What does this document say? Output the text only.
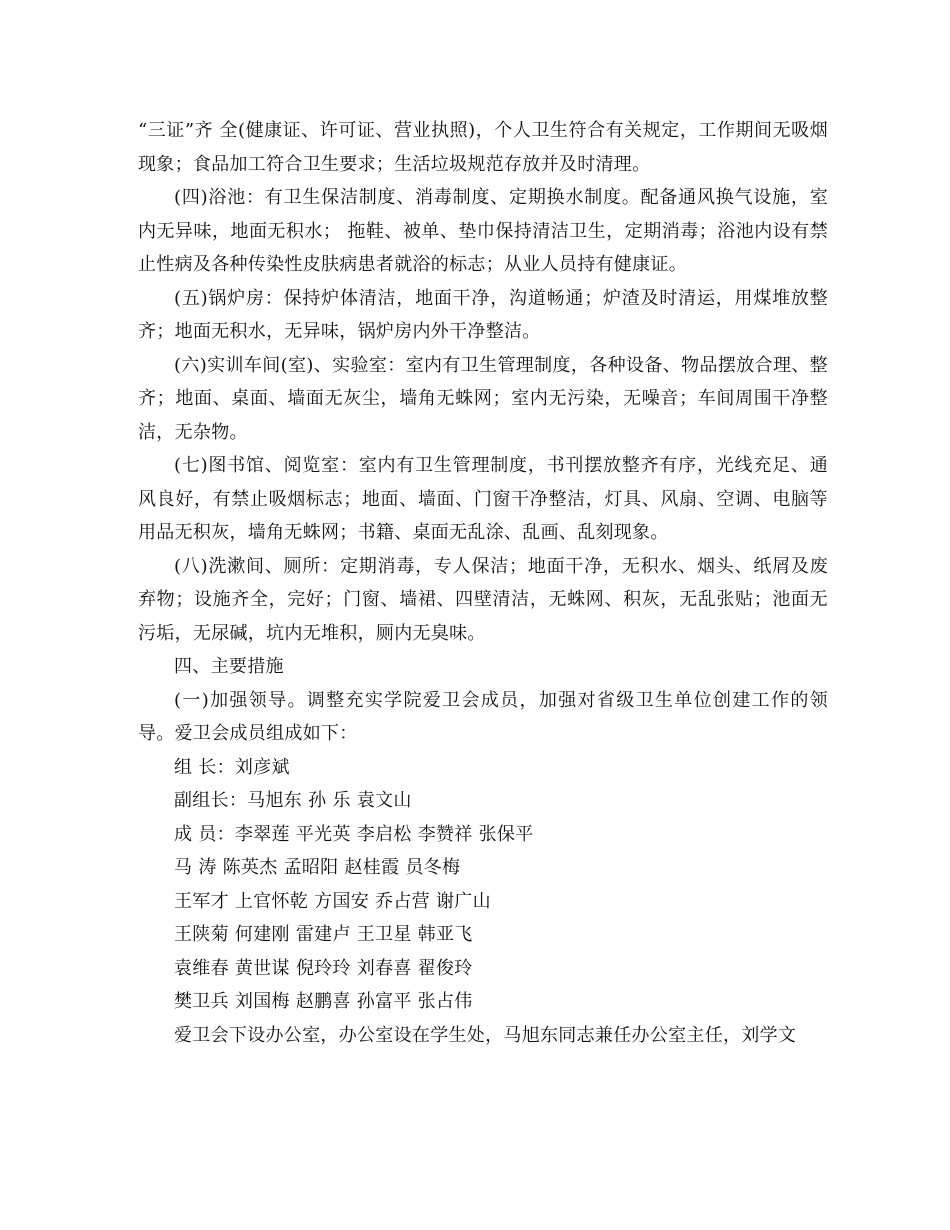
“三证”齐 全(健康证、许可证、营业执照)，个人卫生符合有关规定，工作期间无吸烟现象；食品加工符合卫生要求；生活垃圾规范存放并及时清理。

(四)浴池：有卫生保洁制度、消毒制度、定期换水制度。配备通风换气设施，室内无异味，地面无积水； 拖鞋、被单、垫巾保持清洁卫生，定期消毒；浴池内设有禁止性病及各种传染性皮肤病患者就浴的标志；从业人员持有健康证。

(五)锅炉房：保持炉体清洁，地面干净，沟道畅通；炉渣及时清运，用煤堆放整齐；地面无积水，无异味，锅炉房内外干净整洁。

(六)实训车间(室)、实验室：室内有卫生管理制度，各种设备、物品摆放合理、整齐；地面、桌面、墙面无灰尘，墙角无蛛网；室内无污染，无噪音；车间周围干净整洁，无杂物。

(七)图书馆、阅览室：室内有卫生管理制度，书刊摆放整齐有序，光线充足、通风良好，有禁止吸烟标志；地面、墙面、门窗干净整洁，灯具、风扇、空调、电脑等用品无积灰，墙角无蛛网；书籍、桌面无乱涂、乱画、乱刻现象。

(八)洗漱间、厕所：定期消毒，专人保洁；地面干净，无积水、烟头、纸屑及废弃物；设施齐全，完好；门窗、墙裙、四壁清洁，无蛛网、积灰，无乱张贴；池面无污垢，无尿碱，坑内无堆积，厕内无臭味。

四、主要措施

(一)加强领导。调整充实学院爱卫会成员，加强对省级卫生单位创建工作的领导。爱卫会成员组成如下：

组 长：刘彦斌

副组长：马旭东 孙 乐 袁文山

成 员：李翠莲 平光英 李启松 李赞祥 张保平

马 涛 陈英杰 孟昭阳 赵桂霞 员冬梅

王军才 上官怀乾 方国安 乔占营 谢广山

王陕菊 何建刚 雷建卢 王卫星 韩亚飞

袁维春 黄世谋 倪玲玲 刘春喜 翟俊玲

樊卫兵 刘国梅 赵鹏喜 孙富平 张占伟

爱卫会下设办公室，办公室设在学生处，马旭东同志兼任办公室主任，刘学文
